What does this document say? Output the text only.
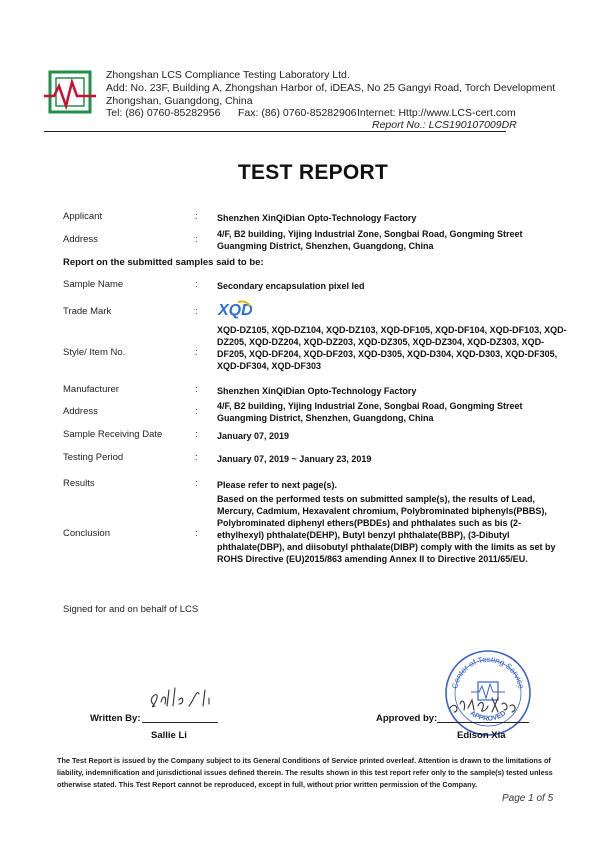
Zhongshan LCS Compliance Testing Laboratory Ltd.
Add: No. 23F, Building A, Zhongshan Harbor of, iDEAS, No 25 Gangyi Road, Torch Development
Zhongshan, Guangdong, China
Tel: (86) 0760-85282956 Fax: (86) 0760-85282906 Internet: Http://www.LCS-cert.com
Report No.: LCS190107009DR
TEST REPORT
Applicant	: Shenzhen XinQiDian Opto-Technology Factory
Address	: 4/F, B2 building, Yijing Industrial Zone, Songbai Road, Gongming Street Guangming District, Shenzhen, Guangdong, China
Report on the submitted samples said to be:
Sample Name	: Secondary encapsulation pixel led
Trade Mark	: XQD
Style/ Item No.	:
XQD-DZ105, XQD-DZ104, XQD-DZ103, XQD-DF105, XQD-DF104, XQD-DF103, XQD-DZ205, XQD-DZ204, XQD-DZ203, XQD-DZ305, XQD-DZ304, XQD-DZ303, XQD-DF205, XQD-DF204, XQD-DF203, XQD-D305, XQD-D304, XQD-D303, XQD-DF305, XQD-DF304, XQD-DF303
Manufacturer	: Shenzhen XinQiDian Opto-Technology Factory
Address	: 4/F, B2 building, Yijing Industrial Zone, Songbai Road, Gongming Street Guangming District, Shenzhen, Guangdong, China
Sample Receiving Date	: January 07, 2019
Testing Period	: January 07, 2019 ~ January 23, 2019
Results	: Please refer to next page(s).
Conclusion	:
Based on the performed tests on submitted sample(s), the results of Lead, Mercury, Cadmium, Hexavalent chromium, Polybrominated biphenyls(PBBS), Polybrominated diphenyl ethers(PBDEs) and phthalates such as bis (2-ethylhexyl) phthalate(DEHP), Butyl benzyl phthalate(BBP), (3-Dibutyl phthalate(DBP), and diisobutyl phthalate(DIBP) comply with the limits as set by ROHS Directive (EU)2015/863 amending Annex II to Directive 2011/65/EU.
Signed for and on behalf of LCS
Written By:
Sallie Li
Center of Testing Service
APPROVED
Approved by:
Edison Xia
The Test Report is issued by the Company subject to its General Conditions of Service printed overleaf. Attention is drawn to the limitations of liability, indemnification and jurisdictional issues defined therein. The results shown in this test report refer only to the sample(s) tested unless otherwise stated. This Test Report cannot be reproduced, except in full, without prior written permission of the Company.
Page 1 of 5
